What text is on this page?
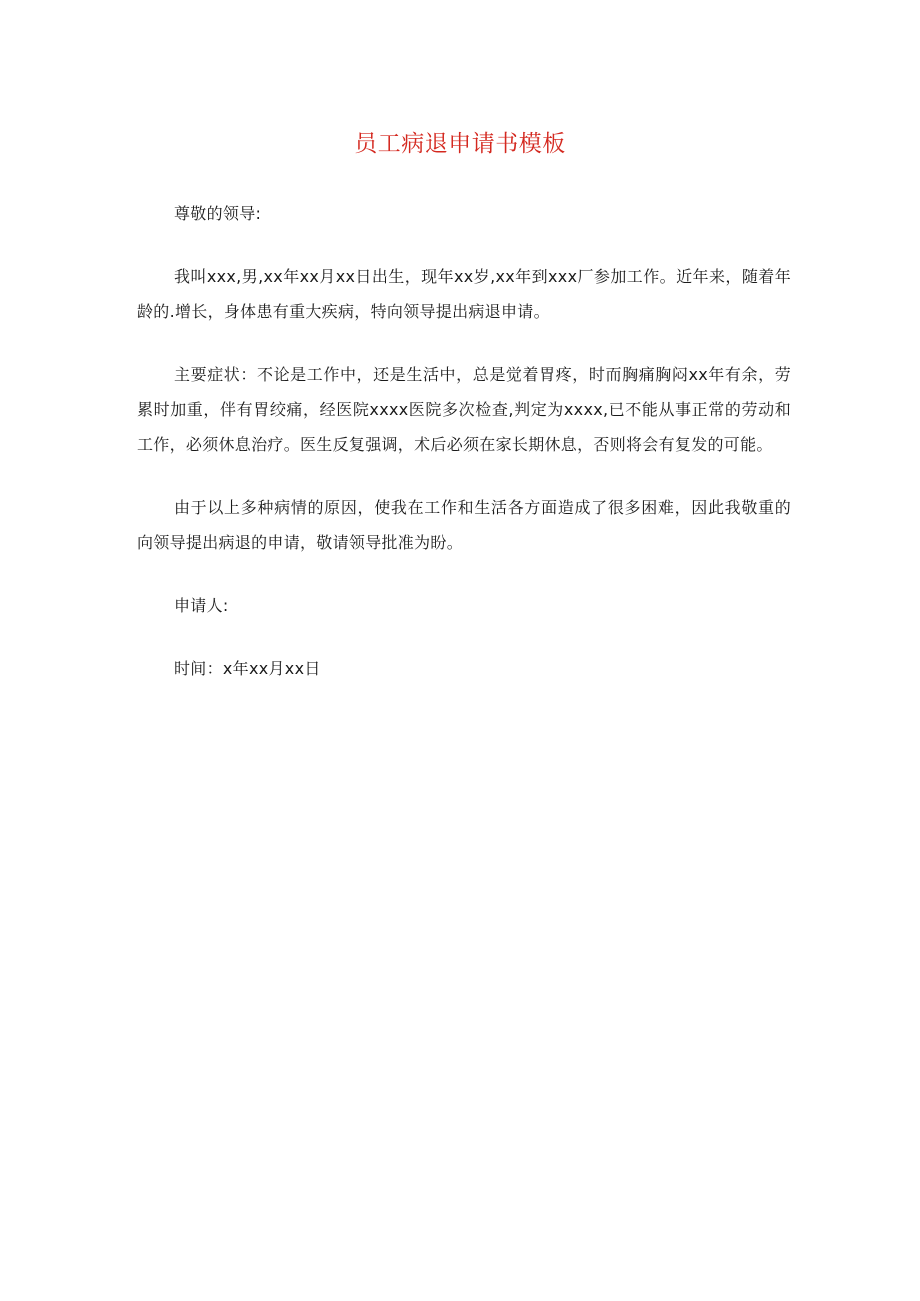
员工病退申请书模板

尊敬的领导:

我叫xxx,男,xx年xx月xx日出生，现年xx岁,xx年到xxx厂参加工作。近年来，随着年龄的.增长，身体患有重大疾病，特向领导提出病退申请。

主要症状：不论是工作中，还是生活中，总是觉着胃疼，时而胸痛胸闷xx年有余，劳累时加重，伴有胃绞痛，经医院xxxx医院多次检查,判定为xxxx,已不能从事正常的劳动和工作，必须休息治疗。医生反复强调，术后必须在家长期休息，否则将会有复发的可能。

由于以上多种病情的原因，使我在工作和生活各方面造成了很多困难，因此我敬重的向领导提出病退的申请，敬请领导批准为盼。

申请人:

时间：x年xx月xx日
